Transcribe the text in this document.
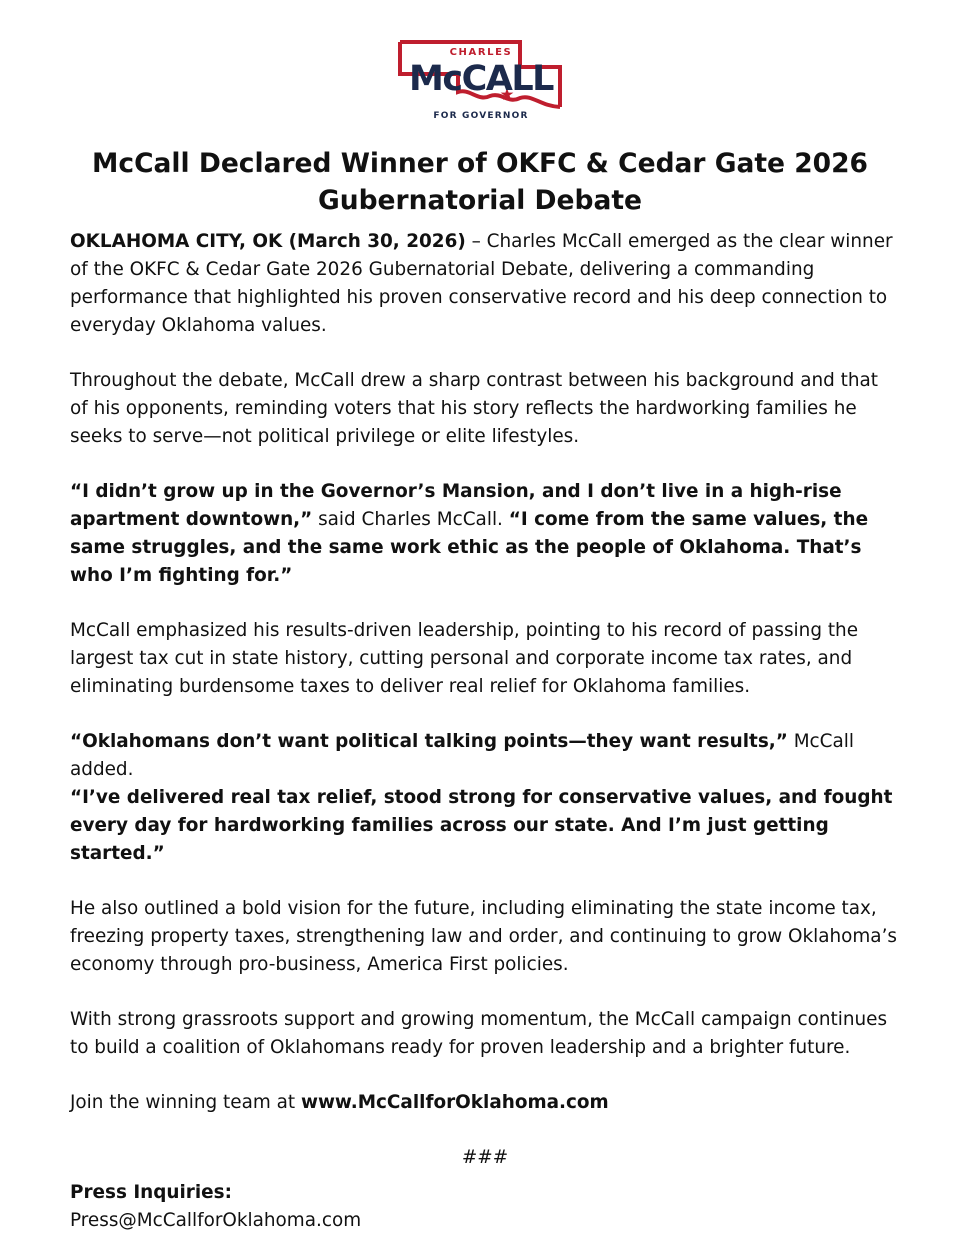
CHARLES
McCALL
FOR GOVERNOR
McCall Declared Winner of OKFC & Cedar Gate 2026 Gubernatorial Debate

OKLAHOMA CITY, OK (March 30, 2026) – Charles McCall emerged as the clear winner of the OKFC & Cedar Gate 2026 Gubernatorial Debate, delivering a commanding performance that highlighted his proven conservative record and his deep connection to everyday Oklahoma values.

Throughout the debate, McCall drew a sharp contrast between his background and that of his opponents, reminding voters that his story reflects the hardworking families he seeks to serve—not political privilege or elite lifestyles.

“I didn’t grow up in the Governor’s Mansion, and I don’t live in a high-rise apartment downtown,” said Charles McCall. “I come from the same values, the same struggles, and the same work ethic as the people of Oklahoma. That’s who I’m fighting for.”

McCall emphasized his results-driven leadership, pointing to his record of passing the largest tax cut in state history, cutting personal and corporate income tax rates, and eliminating burdensome taxes to deliver real relief for Oklahoma families.

“Oklahomans don’t want political talking points—they want results,” McCall added.
“I’ve delivered real tax relief, stood strong for conservative values, and fought every day for hardworking families across our state. And I’m just getting started.”

He also outlined a bold vision for the future, including eliminating the state income tax, freezing property taxes, strengthening law and order, and continuing to grow Oklahoma’s economy through pro-business, America First policies.

With strong grassroots support and growing momentum, the McCall campaign continues to build a coalition of Oklahomans ready for proven leadership and a brighter future.

Join the winning team at www.McCallforOklahoma.com

###

Press Inquiries:

Press@McCallforOklahoma.com
